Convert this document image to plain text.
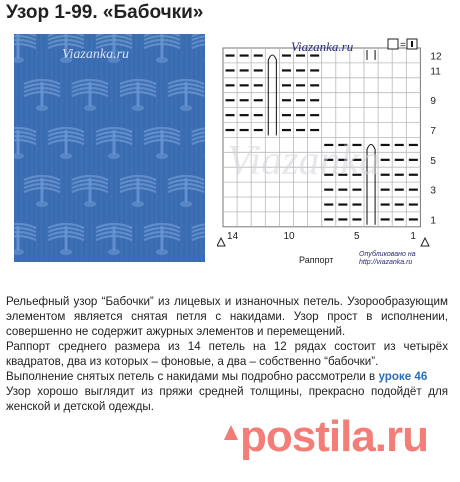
Узор 1-99. «Бабочки»
Viazanka.ru
Viazanka.ru	=
Viazanka
12
11
9
7
5
3
1
14	10	5	1
Раппорт
Опубликовано на
http://viazanka.ru

Рельефный узор “Бабочки” из лицевых и изнаночных петель. Узорообразующим элементом является снятая петля с накидами. Узор прост в исполнении, совершенно не содержит ажурных элементов и перемещений.

Раппорт среднего размера из 14 петель на 12 рядах состоит из четырёх квадратов, два из которых – фоновые, а два – собственно “бабочки”.

Выполнение снятых петель с накидами мы подробно рассмотрели в уроке 46

Узор хорошо выглядит из пряжи средней толщины, прекрасно подойдёт для женской и детской одежды.

postila.ru
